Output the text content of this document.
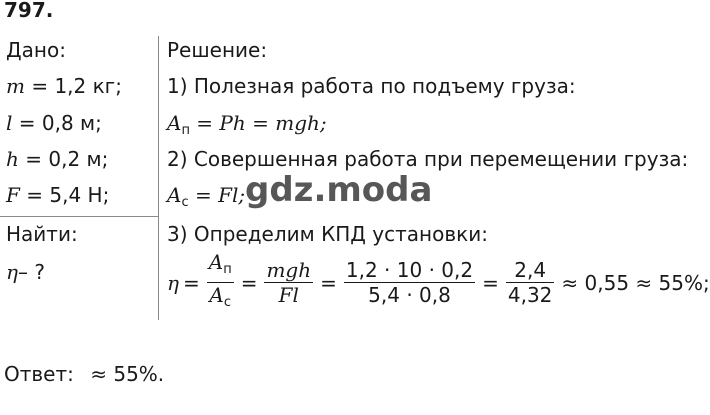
797.
Дано:
m = 1,2 кг;
l = 0,8 м;
h = 0,2 м;
F = 5,4 Н;
Найти:
η– ?
Решение:
1) Полезная работа по подъему груза:
$A_п = Ph$ = mgh;
2) Совершенная работа при перемещении груза:
$A_с = Fl$; gdz.moda
3) Определим КПД установки:
$\eta = \frac{A_п}{A_с} = \frac{\text{mgh}}{Fl} = \frac{1,2 \cdot 10 \cdot 0,2}{5,4 \cdot 0,8} = \frac{2,4}{4,32} \approx 0,55 \approx 55\%$;
Ответ: ≈ 55%.
